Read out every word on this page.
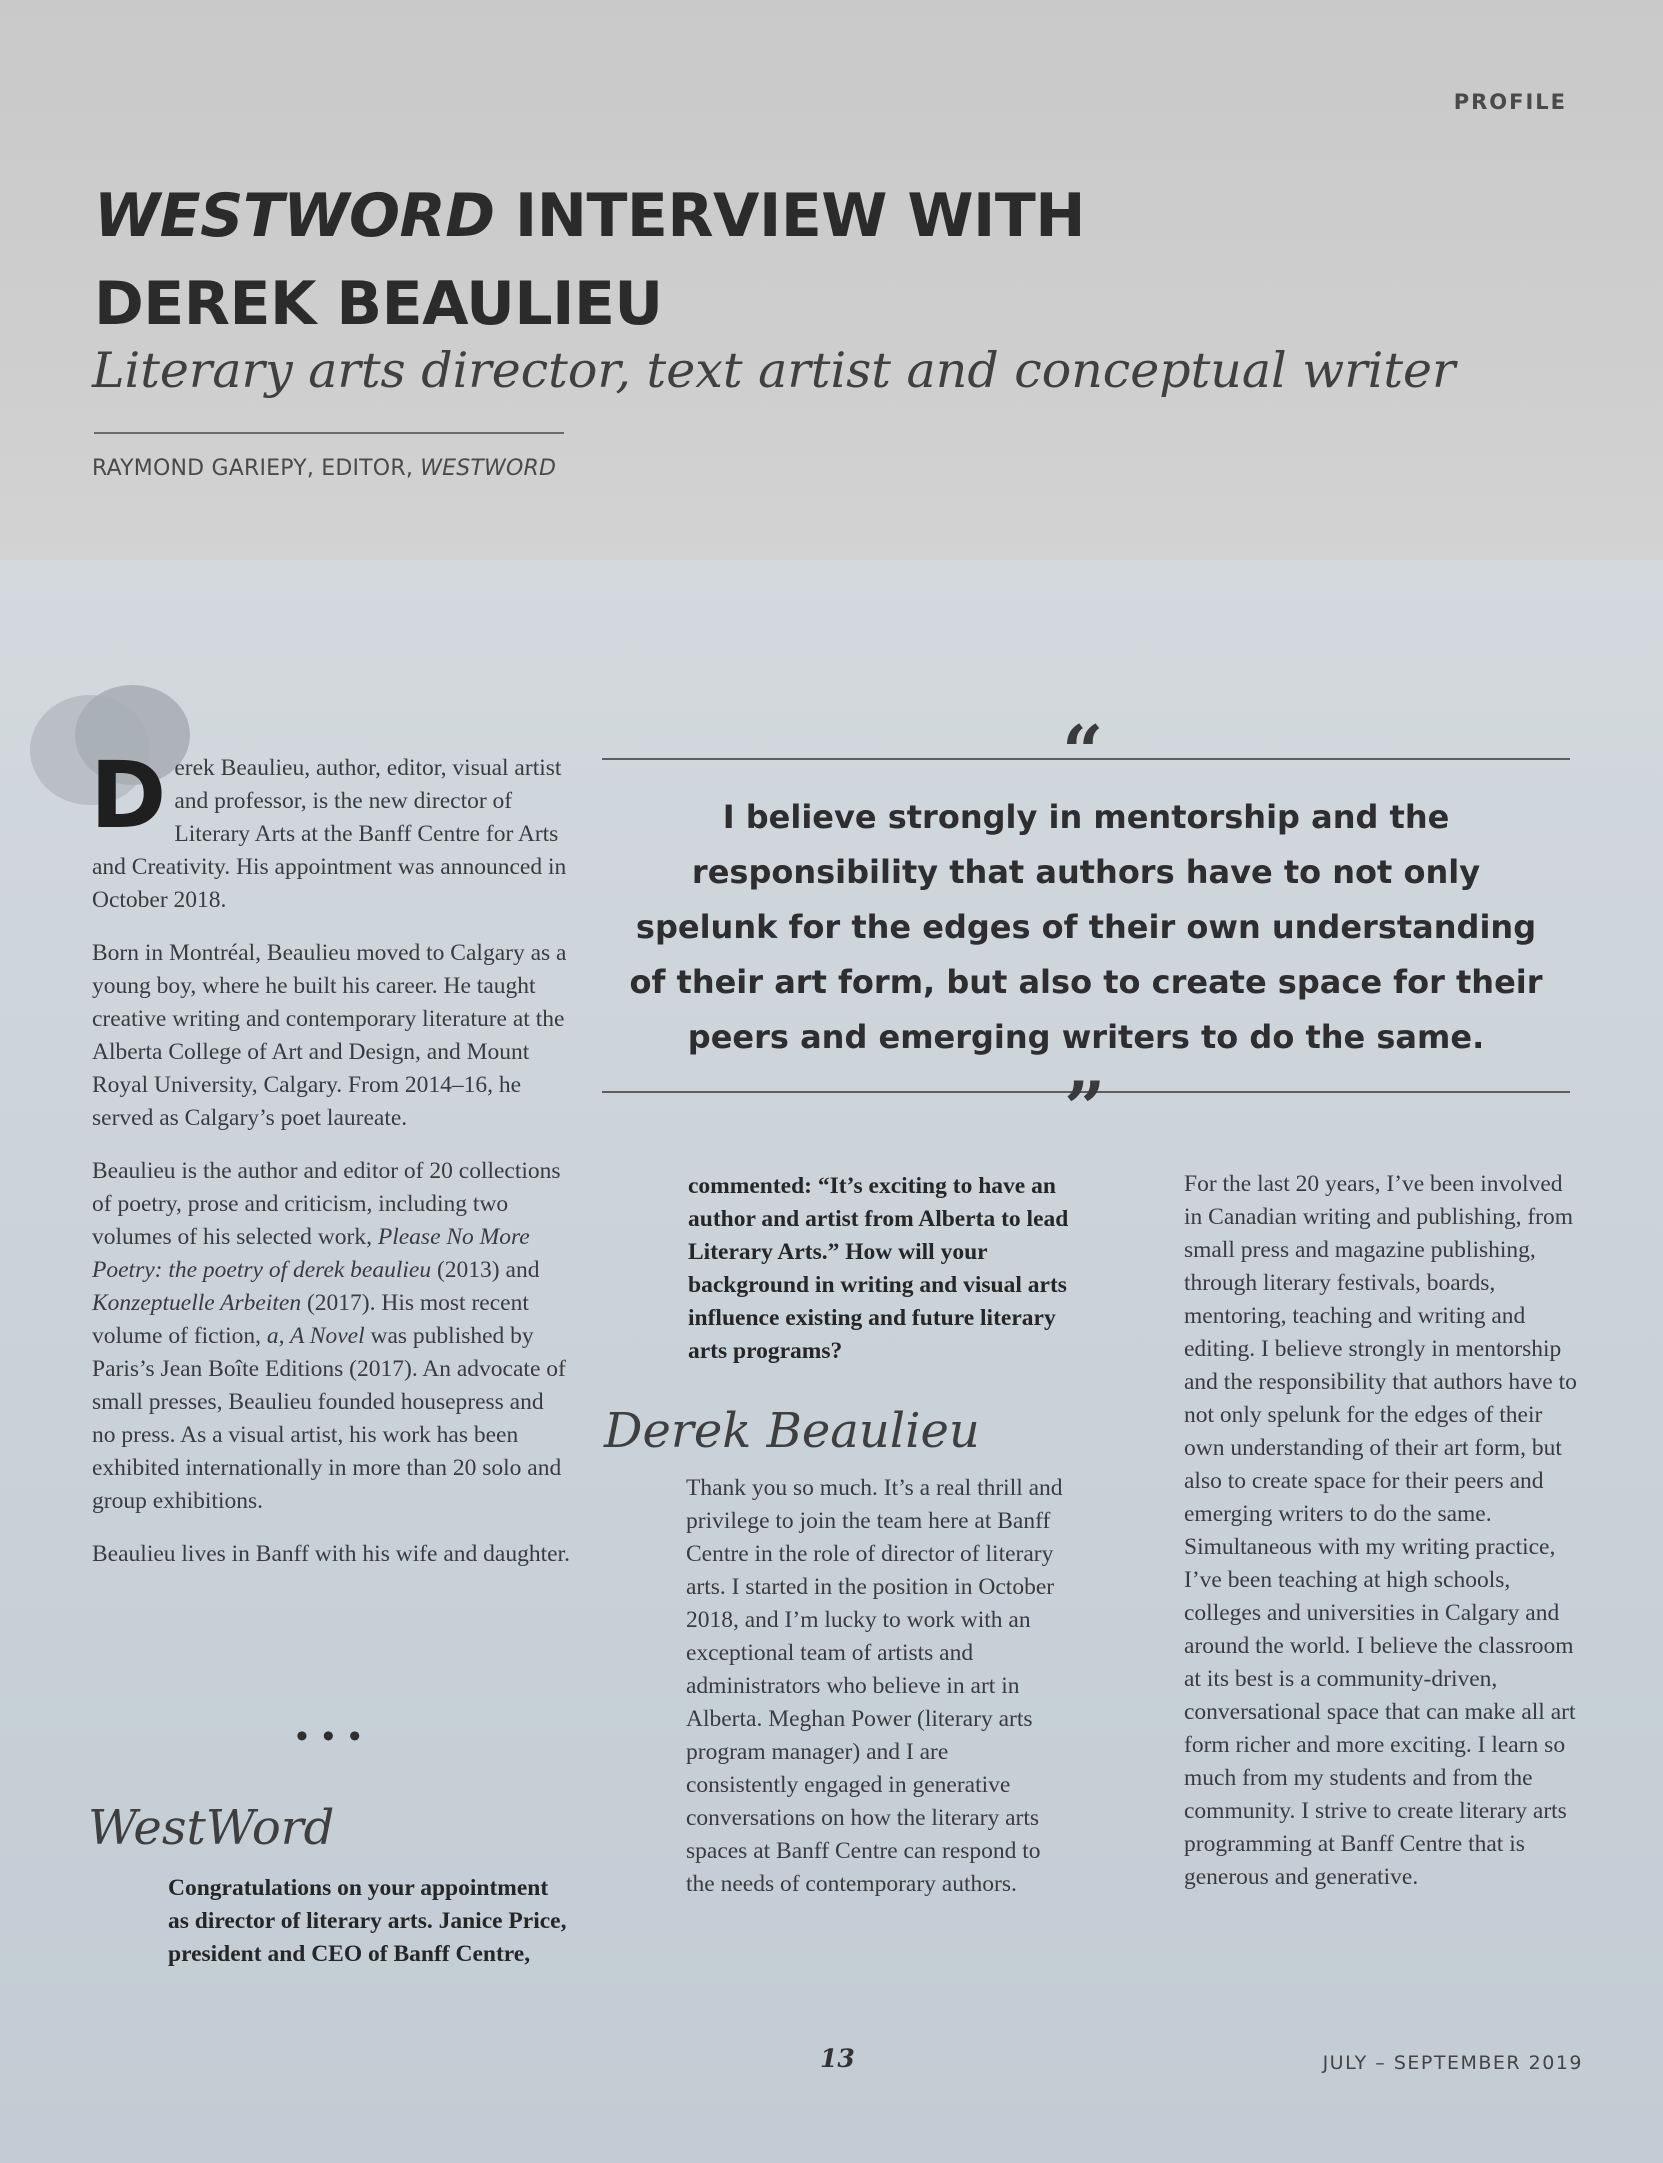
PROFILE
WESTWORD INTERVIEW WITH
DEREK BEAULIEU
Literary arts director, text artist and conceptual writer
RAYMOND GARIEPY, EDITOR, WESTWORD

Derek Beaulieu, author, editor, visual artist and professor, is the new director of Literary Arts at the Banff Centre for Arts and Creativity. His appointment was announced in October 2018.

Born in Montréal, Beaulieu moved to Calgary as a young boy, where he built his career. He taught creative writing and contemporary literature at the Alberta College of Art and Design, and Mount Royal University, Calgary. From 2014–16, he served as Calgary’s poet laureate.

Beaulieu is the author and editor of 20 collections of poetry, prose and criticism, including two volumes of his selected work, Please No More Poetry: the poetry of derek beaulieu (2013) and Konzeptuelle Arbeiten (2017). His most recent volume of fiction, a, A Novel was published by Paris’s Jean Boîte Editions (2017). An advocate of small presses, Beaulieu founded housepress and no press. As a visual artist, his work has been exhibited internationally in more than 20 solo and group exhibitions.

Beaulieu lives in Banff with his wife and daughter.

• • •
WestWord
Congratulations on your appointment as director of literary arts. Janice Price, president and CEO of Banff Centre,
“
I believe strongly in mentorship and the responsibility that authors have to not only spelunk for the edges of their own understanding of their art form, but also to create space for their peers and emerging writers to do the same.
”
commented: “It’s exciting to have an author and artist from Alberta to lead Literary Arts.” How will your background in writing and visual arts influence existing and future literary arts programs?
Derek Beaulieu

Thank you so much. It’s a real thrill and privilege to join the team here at Banff Centre in the role of director of literary arts. I started in the position in October 2018, and I’m lucky to work with an exceptional team of artists and administrators who believe in art in Alberta. Meghan Power (literary arts program manager) and I are consistently engaged in generative conversations on how the literary arts spaces at Banff Centre can respond to the needs of contemporary authors.

For the last 20 years, I’ve been involved in Canadian writing and publishing, from small press and magazine publishing, through literary festivals, boards, mentoring, teaching and writing and editing. I believe strongly in mentorship and the responsibility that authors have to not only spelunk for the edges of their own understanding of their art form, but also to create space for their peers and emerging writers to do the same. Simultaneous with my writing practice, I’ve been teaching at high schools, colleges and universities in Calgary and around the world. I believe the classroom at its best is a community-driven, conversational space that can make all art form richer and more exciting. I learn so much from my students and from the community. I strive to create literary arts programming at Banff Centre that is generous and generative.

13	JULY – SEPTEMBER 2019
